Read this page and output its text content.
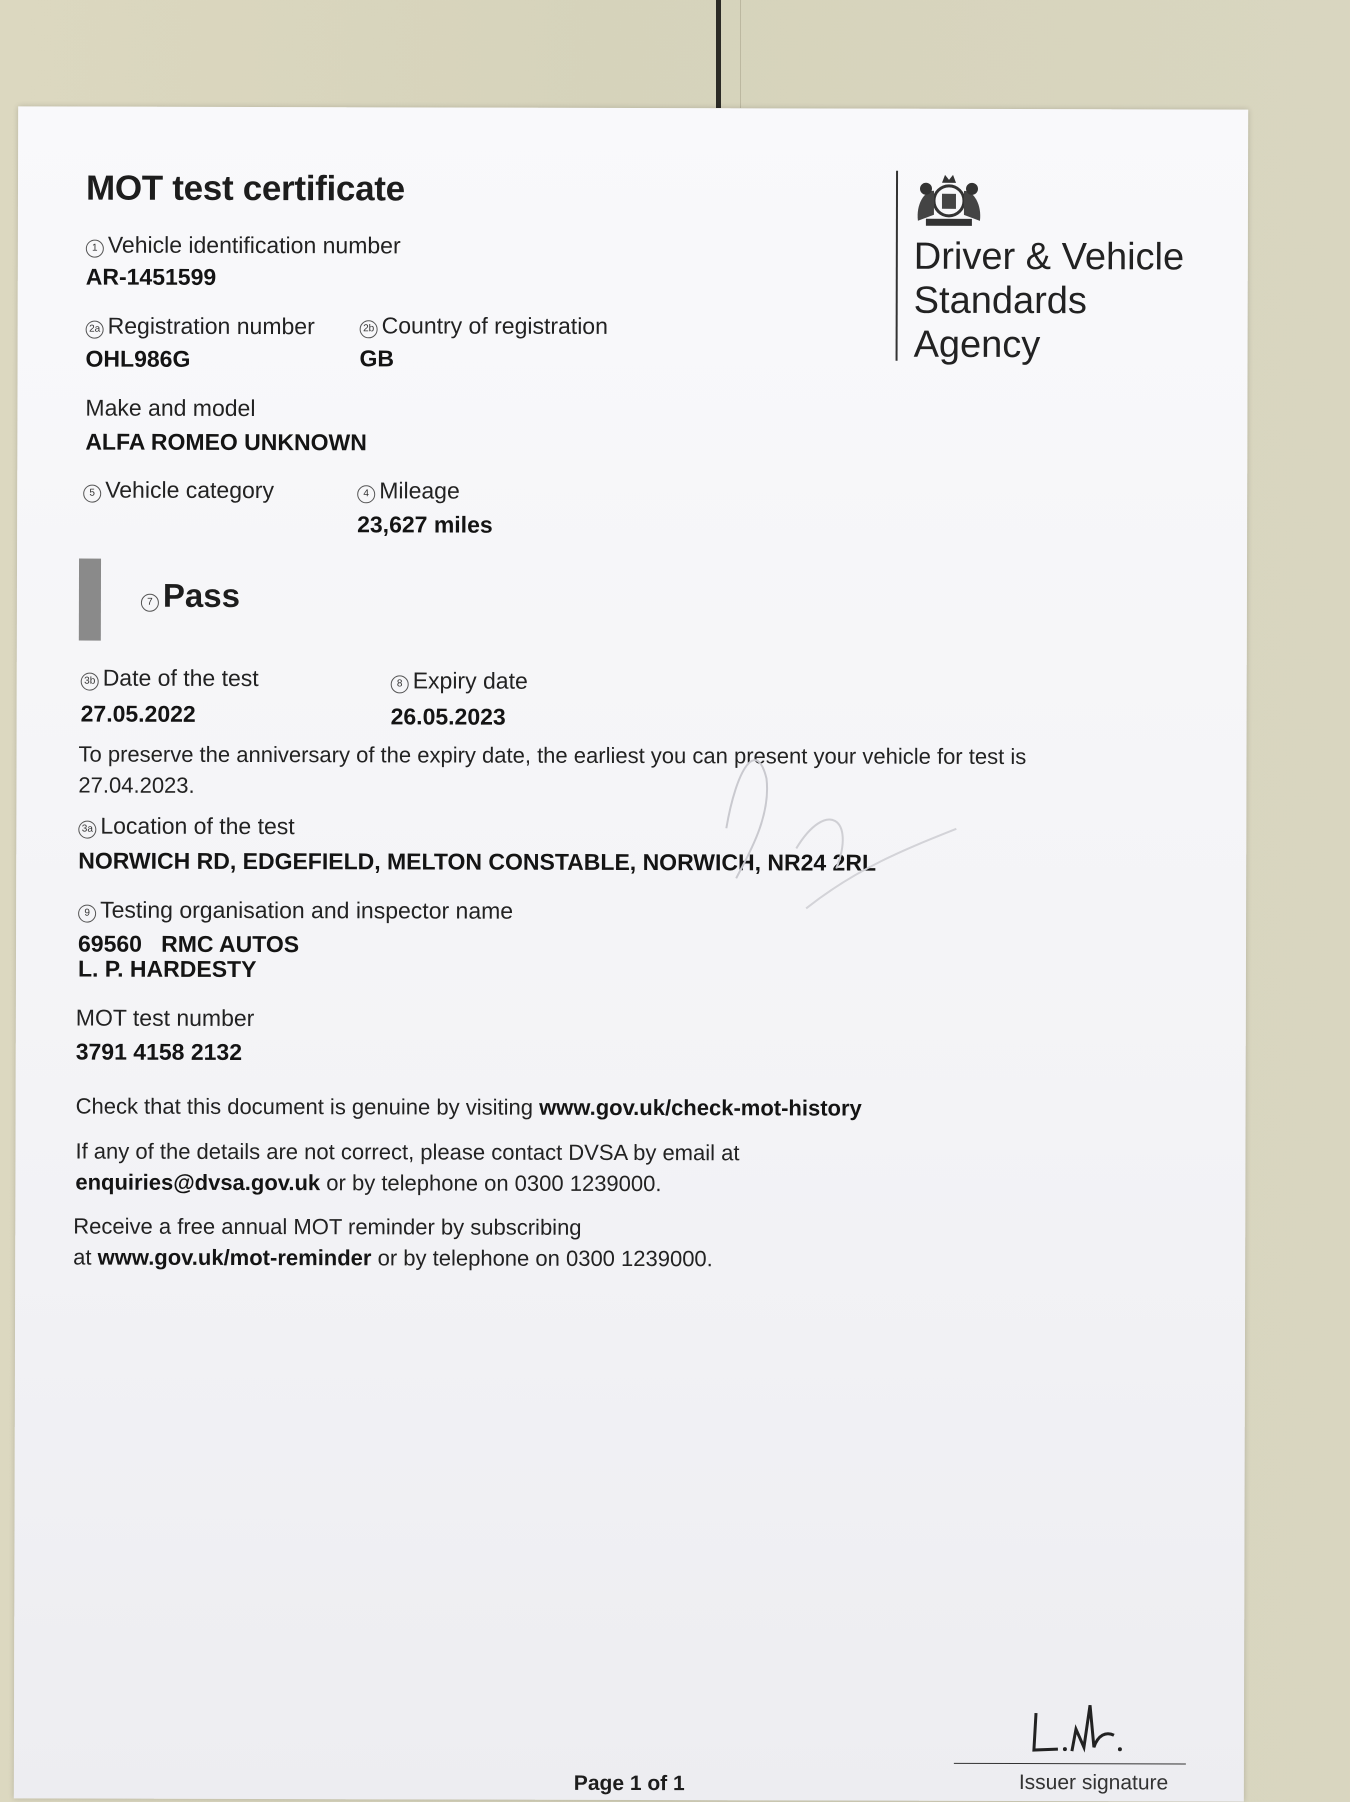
MOT test certificate
1 Vehicle identification number
AR-1451599
2a Registration number
OHL986G
2b Country of registration
GB
Make and model
ALFA ROMEO UNKNOWN
5 Vehicle category	4 Mileage
23,627 miles
7 Pass
3b Date of the test
27.05.2022
8 Expiry date
26.05.2023
To preserve the anniversary of the expiry date, the earliest you can present your vehicle for test is
27.04.2023.
3a Location of the test
NORWICH RD, EDGEFIELD, MELTON CONSTABLE, NORWICH, NR24 2RL
9 Testing organisation and inspector name
69560 RMC AUTOS
L. P. HARDESTY
MOT test number
3791 4158 2132
Check that this document is genuine by visiting www.gov.uk/check-mot-history
If any of the details are not correct, please contact DVSA by email at
enquiries@dvsa.gov.uk or by telephone on 0300 1239000.
Receive a free annual MOT reminder by subscribing
at www.gov.uk/mot-reminder or by telephone on 0300 1239000.
Driver & Vehicle
Standards
Agency
Page 1 of 1	Issuer signature
